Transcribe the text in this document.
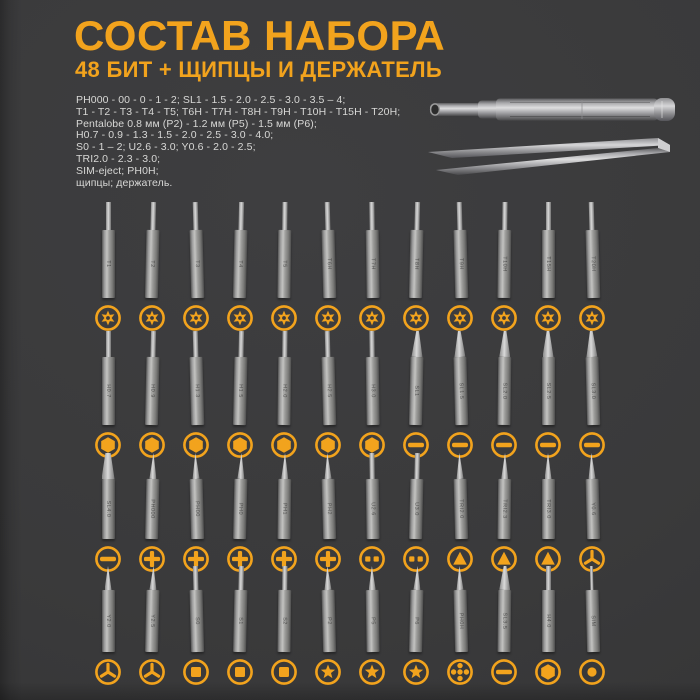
СОСТАВ НАБОРА
48 БИТ + ЩИПЦЫ И ДЕРЖАТЕЛЬ
PH000 - 00 - 0 - 1 - 2; SL1 - 1.5 - 2.0 - 2.5 - 3.0 - 3.5 – 4;
T1 - T2 - T3 - T4 - T5; T6H - T7H - T8H - T9H - T10H - T15H - T20H;
Pentalobe 0.8 мм (P2) - 1.2 мм (P5) - 1.5 мм (P6);
H0.7 - 0.9 - 1.3 - 1.5 - 2.0 - 2.5 - 3.0 - 4.0;
S0 - 1 – 2; U2.6 - 3.0; Y0.6 - 2.0 - 2.5;
TRI2.0 - 2.3 - 3.0;
SIM-eject; PH0H;
щипцы; держатель.
T1	T2	T3	T4	T5	T6H	T7H	T8H	T9H	T10H	T15H	T20H
H0.7	H0.9	H1.3	H1.5	H2.0	H2.5	H3.0	SL1	SL1.5	SL2.0	SL2.5	SL3.0
SL4.0	PH000	PH00	PH0	PH1	PH2	U2.6	U3.0	TRI2.0	TRI2.3	TRI3.0	Y0.6
Y2.0	Y2.5	S0	S1	S2	P2	P5	P6	PH0H	SL3.5	H4.0	SIM
